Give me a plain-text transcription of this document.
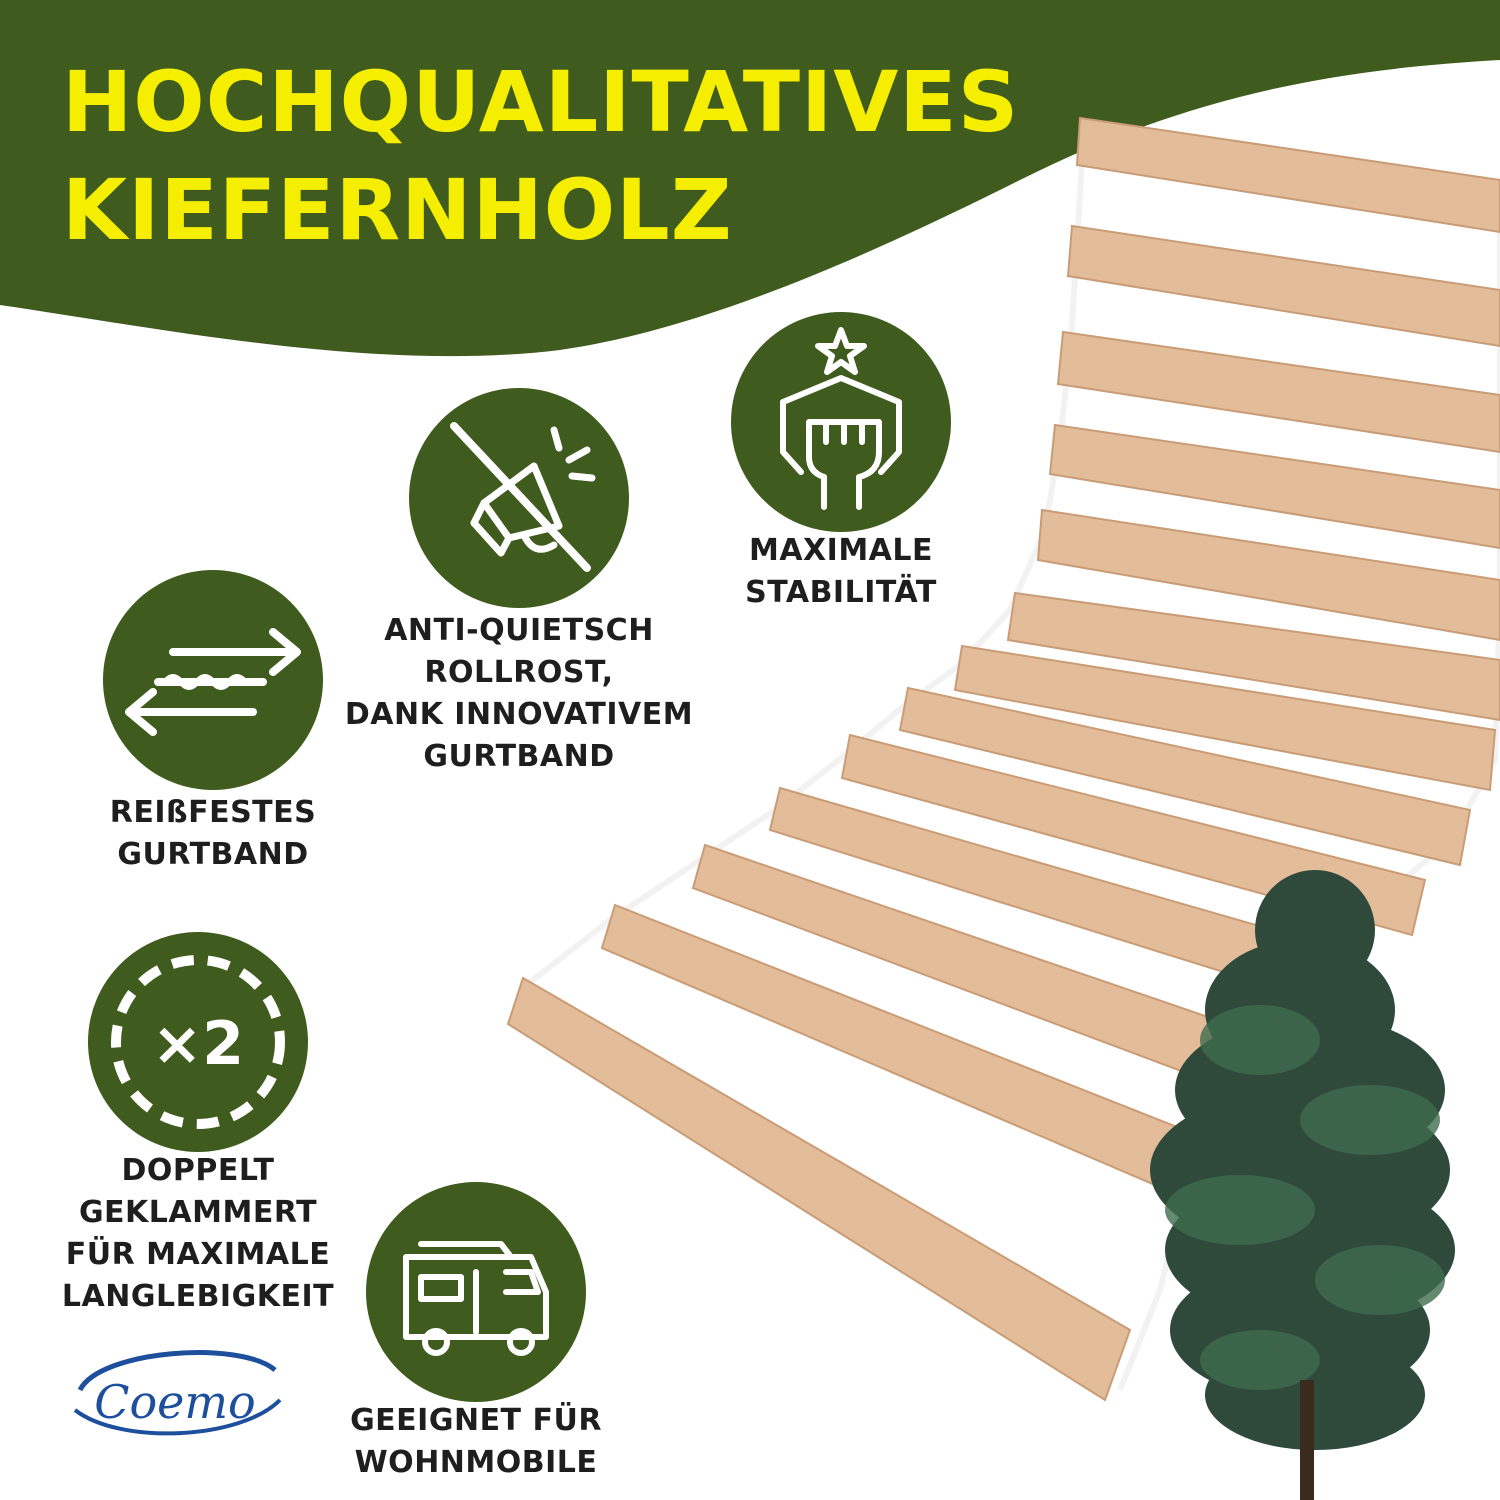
HOCHQUALITATIVES
KIEFERNHOLZ
REIßFESTES
GURTBAND
ANTI-QUIETSCH
ROLLROST,
DANK INNOVATIVEM
GURTBAND
MAXIMALE
STABILITÄT
×2
DOPPELT
GEKLAMMERT
FÜR MAXIMALE
LANGLEBIGKEIT
GEEIGNET FÜR
WOHNMOBILE
Coemo
